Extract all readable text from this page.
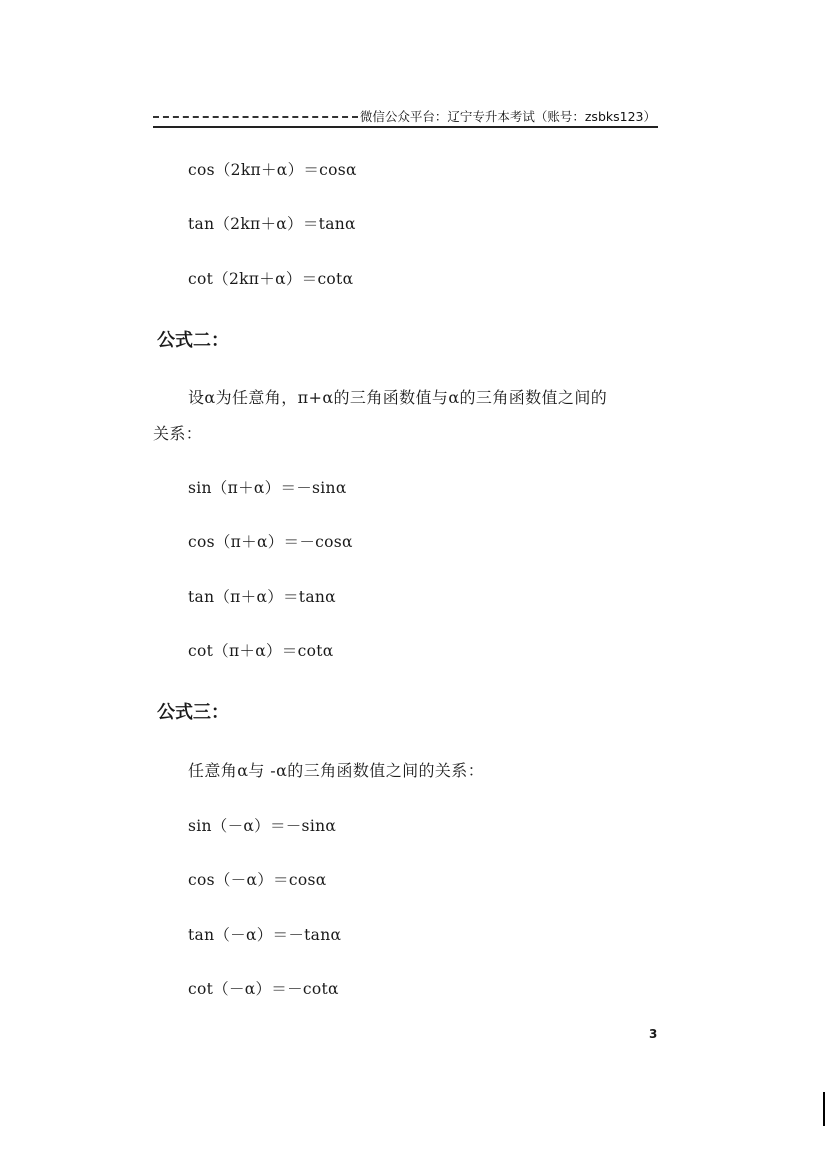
微信公众平台：辽宁专升本考试（账号：zsbks123）
cos（2kπ＋α）＝cosα
tan（2kπ＋α）＝tanα
cot（2kπ＋α）＝cotα
公式二：
设α为任意角，π+α的三角函数值与α的三角函数值之间的
关系：
sin（π＋α）＝－sinα
cos（π＋α）＝－cosα
tan（π＋α）＝tanα
cot（π＋α）＝cotα
公式三：
任意角α与 -α的三角函数值之间的关系：
sin（－α）＝－sinα
cos（－α）＝cosα
tan（－α）＝－tanα
cot（－α）＝－cotα
3
